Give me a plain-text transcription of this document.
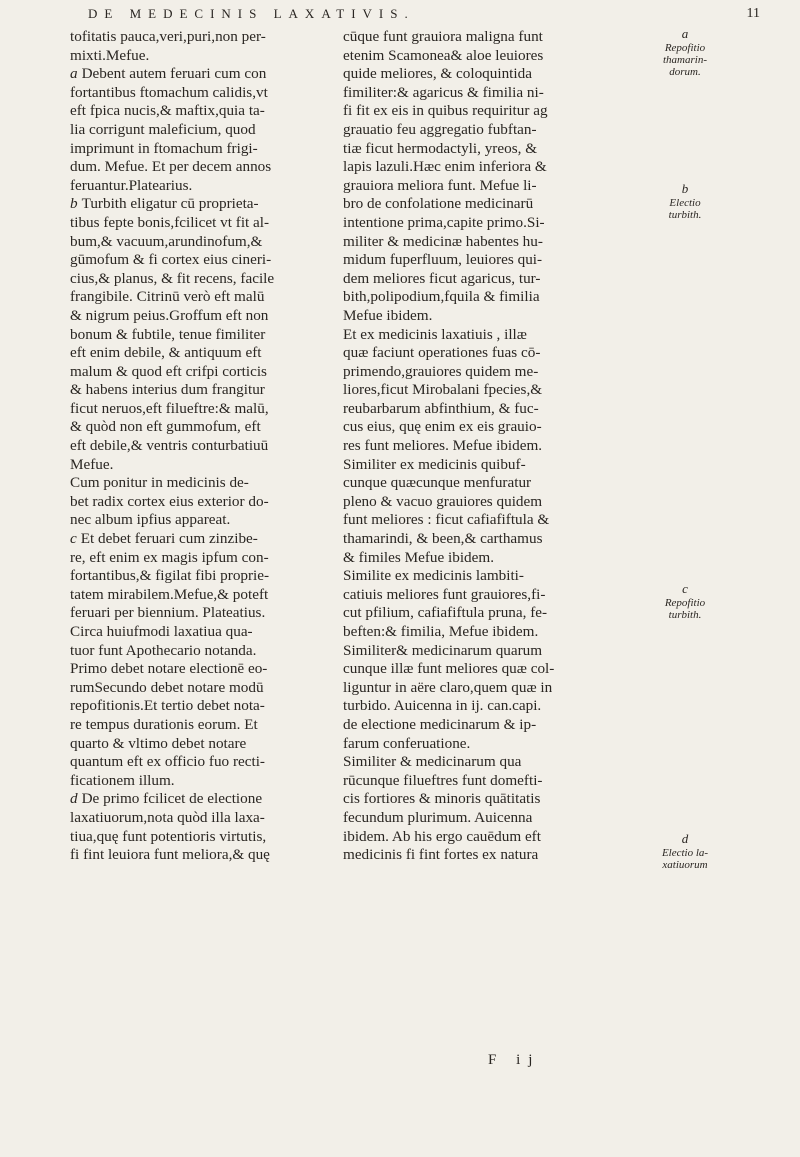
DE MEDECINIS LAXATIVIS.	11
tofitatis pauca,veri,puri,non per-
mixti.Mefue.
a Debent autem feruari cum con
fortantibus ftomachum calidis,vt
eft fpica nucis,& maftix,quia ta-
lia corrigunt maleficium, quod
imprimunt in ftomachum frigi-
dum. Mefue. Et per decem annos
feruantur.Platearius.
b Turbith eligatur cū proprieta-
tibus fepte bonis,fcilicet vt fit al-
bum,& vacuum,arundinofum,&
gūmofum & fi cortex eius cineri-
cius,& planus, & fit recens, facile
frangibile. Citrinū verò eft malū
& nigrum peius.Groffum eft non
bonum & fubtile, tenue fimiliter
eft enim debile, & antiquum eft
malum & quod eft crifpi corticis
& habens interius dum frangitur
ficut neruos,eft filueftre:& malū,
& quòd non eft gummofum, eft
eft debile,& ventris conturbatiuū
Mefue.
Cum ponitur in medicinis de-
bet radix cortex eius exterior do-
nec album ipfius appareat.
c Et debet feruari cum zinzibe-
re, eft enim ex magis ipfum con-
fortantibus,& figilat fibi proprie-
tatem mirabilem.Mefue,& poteft
feruari per biennium. Plateatius.
Circa huiufmodi laxatiua qua-
tuor funt Apothecario notanda.
Primo debet notare electionē eo-
rumSecundo debet notare modū
repofitionis.Et tertio debet nota-
re tempus durationis eorum. Et
quarto & vltimo debet notare
quantum eft ex officio fuo recti-
ficationem illum.
d De primo fcilicet de electione
laxatiuorum,nota quòd illa laxa-
tiua,quę funt potentioris virtutis,
fi fint leuiora funt meliora,& quę
cūque funt grauiora maligna funt
etenim Scamonea& aloe leuiores
quide meliores, & coloquintida
fimiliter:& agaricus & fimilia ni-
fi fit ex eis in quibus requiritur ag
grauatio feu aggregatio fubftan-
tiæ ficut hermodactyli, yreos, &
lapis lazuli.Hæc enim inferiora &
grauiora meliora funt. Mefue li-
bro de confolatione medicinarū
intentione prima,capite primo.Si-
militer & medicinæ habentes hu-
midum fuperfluum, leuiores qui-
dem meliores ficut agaricus, tur-
bith,polipodium,fquila & fimilia
Mefue ibidem.
Et ex medicinis laxatiuis , illæ
quæ faciunt operationes fuas cō-
primendo,grauiores quidem me-
liores,ficut Mirobalani fpecies,&
reubarbarum abfinthium, & fuc-
cus eius, quę enim ex eis grauio-
res funt meliores. Mefue ibidem.
Similiter ex medicinis quibuf-
cunque quæcunque menfuratur
pleno & vacuo grauiores quidem
funt meliores : ficut cafiafiftula &
thamarindi, & been,& carthamus
& fimiles Mefue ibidem.
Similite ex medicinis lambiti-
catiuis meliores funt grauiores,fi-
cut pfilium, cafiafiftula pruna, fe-
beften:& fimilia, Mefue ibidem.
Similiter& medicinarum quarum
cunque illæ funt meliores quæ col-
liguntur in aëre claro,quem quæ in
turbido. Auicenna in ij. can.capi.
de electione medicinarum & ip-
farum conferuatione.
Similiter & medicinarum qua
rūcunque filueftres funt domefti-
cis fortiores & minoris quātitatis
fecundum plurimum. Auicenna
ibidem. Ab his ergo cauēdum eft
medicinis fi fint fortes ex natura
a
Repofitio
thamarin-
dorum.
b
Electio
turbith.
c
Repofitio
turbith.
d
Electio la-
xatiuorum
F ij
